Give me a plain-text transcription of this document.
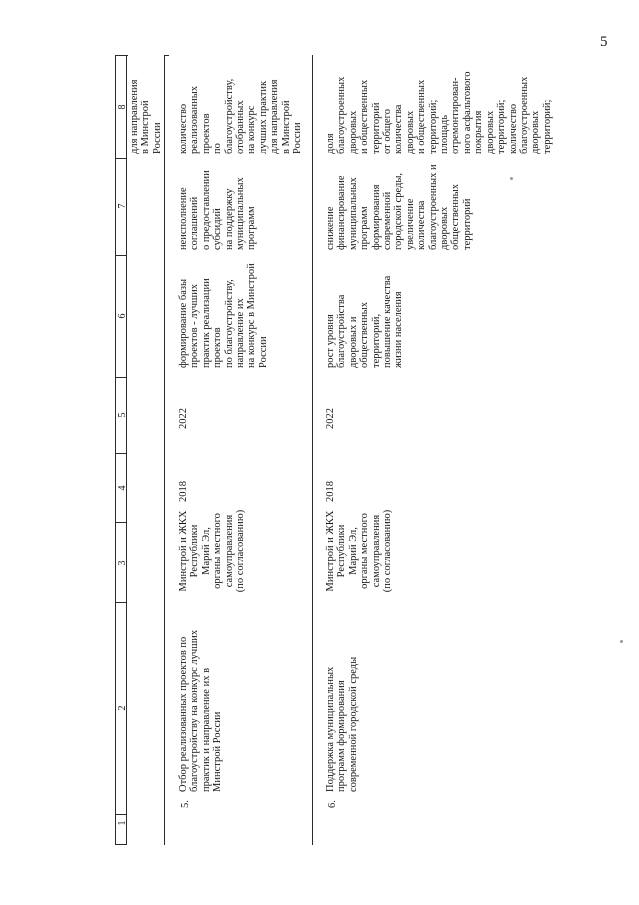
5
1
2
3
4
5
6
7
8
для направления
в Минстрой
России
5.
Отбор реализованных проектов по
благоустройству на конкурс лучших
практик и направление их в
Минстрой России
Минстрой и ЖКХ
Республики
Марий Эл,
органы местного
самоуправления
(по согласованию)
2018
2022
формирование базы
проектов - лучших
практик реализации
проектов
по благоустройству,
направление их
на конкурс в Минстрой
России
неисполнение
соглашений
о предоставлении
субсидий
на поддержку
муниципальных
программ
количество
реализованных
проектов
по
благоустройству,
отобранных
на конкурс
лучших практик
для направления
в Минстрой
России
6.
Поддержка муниципальных
программ формирования
современной городской среды
Минстрой и ЖКХ
Республики
Марий Эл,
органы местного
самоуправления
(по согласованию)
2018
2022
рост уровня
благоустройства
дворовых и
общественных
территорий,
повышение качества
жизни населения
снижение
финансирование
муниципальных
программ
формирования
современной
городской среды,
увеличение
количества
благоустроенных и
дворовых
общественных
территорий
доля
благоустроенных
дворовых
и общественных
территорий
от общего
количества
дворовых
и общественных
территорий;
площадь
отремонтирован-
ного асфальтового
покрытия
дворовых
территорий;
количество
благоустроенных
дворовых
территорий;
